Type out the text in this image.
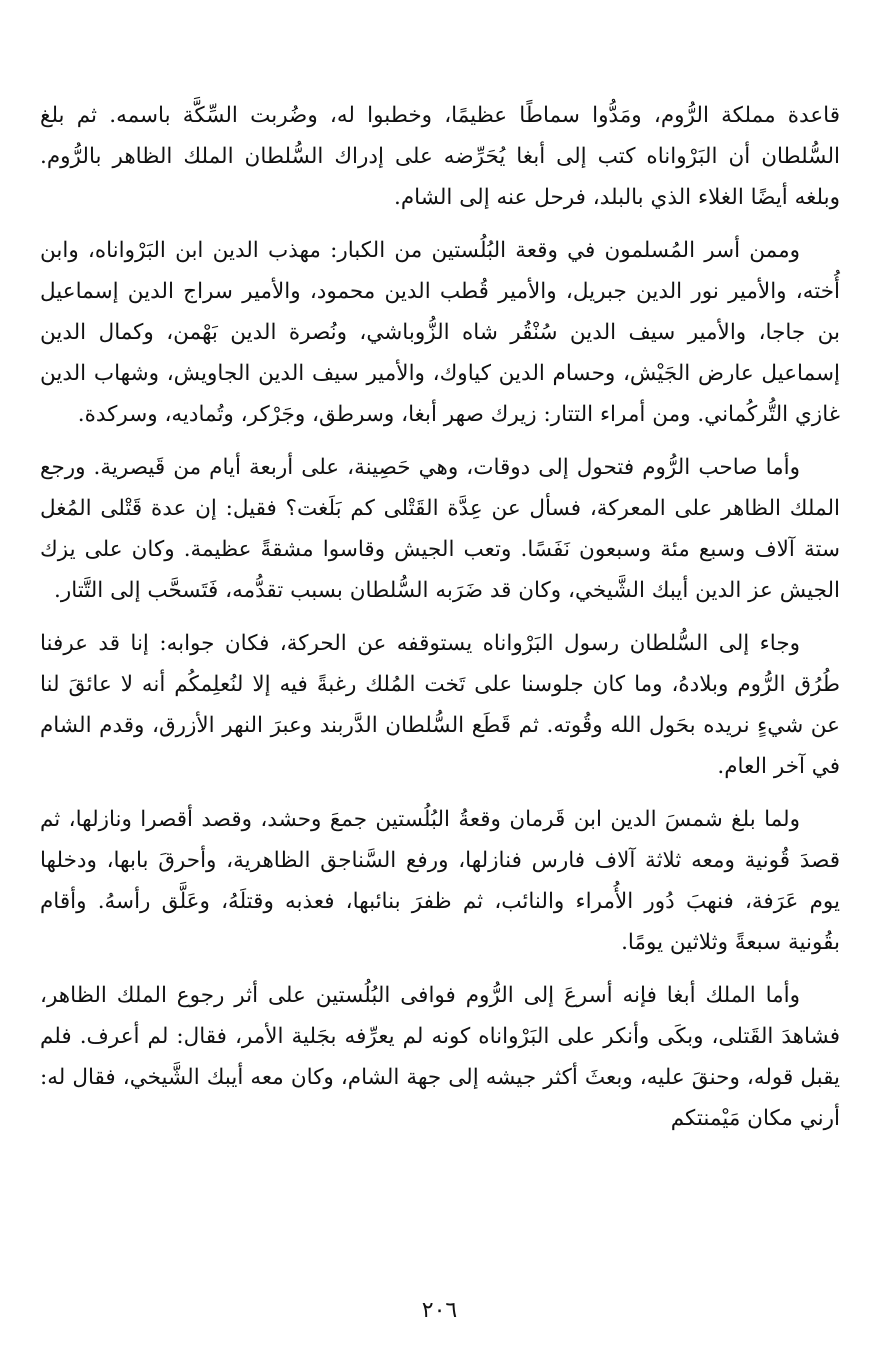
قاعدة مملكة الرُّوم، ومَدُّوا سماطًا عظيمًا، وخطبوا له، وضُربت السِّكَّة باسمه. ثم بلغ السُّلطان أن البَرْواناه كتب إلى أبغا يُحَرِّضه على إدراك السُّلطان الملك الظاهر بالرُّوم. وبلغه أيضًا الغلاء الذي بالبلد، فرحل عنه إلى الشام.

وممن أسر المُسلمون في وقعة البُلُستين من الكبار: مهذب الدين ابن البَرْواناه، وابن أُخته، والأمير نور الدين جبريل، والأمير قُطب الدين محمود، والأمير سراج الدين إسماعيل بن جاجا، والأمير سيف الدين سُنْقُر شاه الزُّوباشي، ونُصرة الدين بَهْمن، وكمال الدين إسماعيل عارض الجَيْش، وحسام الدين كياوك، والأمير سيف الدين الجاويش، وشهاب الدين غازي التُّركُماني. ومن أمراء التتار: زيرك صهر أبغا، وسرطق، وجَرْكر، وتُماديه، وسركدة.

وأما صاحب الرُّوم فتحول إلى دوقات، وهي حَصِينة، على أربعة أيام من قَيصرية. ورجع الملك الظاهر على المعركة، فسأل عن عِدَّة القَتْلى كم بَلَغت؟ فقيل: إن عدة قَتْلى المُغل ستة آلاف وسبع مئة وسبعون نَفَسًا. وتعب الجيش وقاسوا مشقةً عظيمة. وكان على يزك الجيش عز الدين أيبك الشَّيخي، وكان قد ضَرَبه السُّلطان بسبب تقدُّمه، فَتَسحَّب إلى التَّتار.

وجاء إلى السُّلطان رسول البَرْواناه يستوقفه عن الحركة، فكان جوابه: إنا قد عرفنا طُرُق الرُّوم وبلادهُ، وما كان جلوسنا على تَخت المُلك رغبةً فيه إلا لنُعلِمكُم أنه لا عائقَ لنا عن شيءٍ نريده بحَول الله وقُوته. ثم قَطَع السُّلطان الدَّربند وعبرَ النهر الأزرق، وقدم الشام في آخر العام.

ولما بلغ شمسَ الدين ابن قَرمان وقعةُ البُلُستين جمعَ وحشد، وقصد أقصرا ونازلها، ثم قصدَ قُونية ومعه ثلاثة آلاف فارس فنازلها، ورفع السَّناجق الظاهرية، وأحرقَ بابها، ودخلها يوم عَرَفة، فنهبَ دُور الأُمراء والنائب، ثم ظفرَ بنائبها، فعذبه وقتلَهُ، وعَلَّق رأسهُ. وأقام بقُونية سبعةً وثلاثين يومًا.

وأما الملك أبغا فإنه أسرعَ إلى الرُّوم فوافى البُلُستين على أثر رجوع الملك الظاهر، فشاهدَ القَتلى، وبكَى وأنكر على البَرْواناه كونه لم يعرِّفه بجَلية الأمر، فقال: لم أعرف. فلم يقبل قوله، وحنقَ عليه، وبعثَ أكثر جيشه إلى جهة الشام، وكان معه أيبك الشَّيخي، فقال له: أرني مكان مَيْمنتكم

٢٠٦
